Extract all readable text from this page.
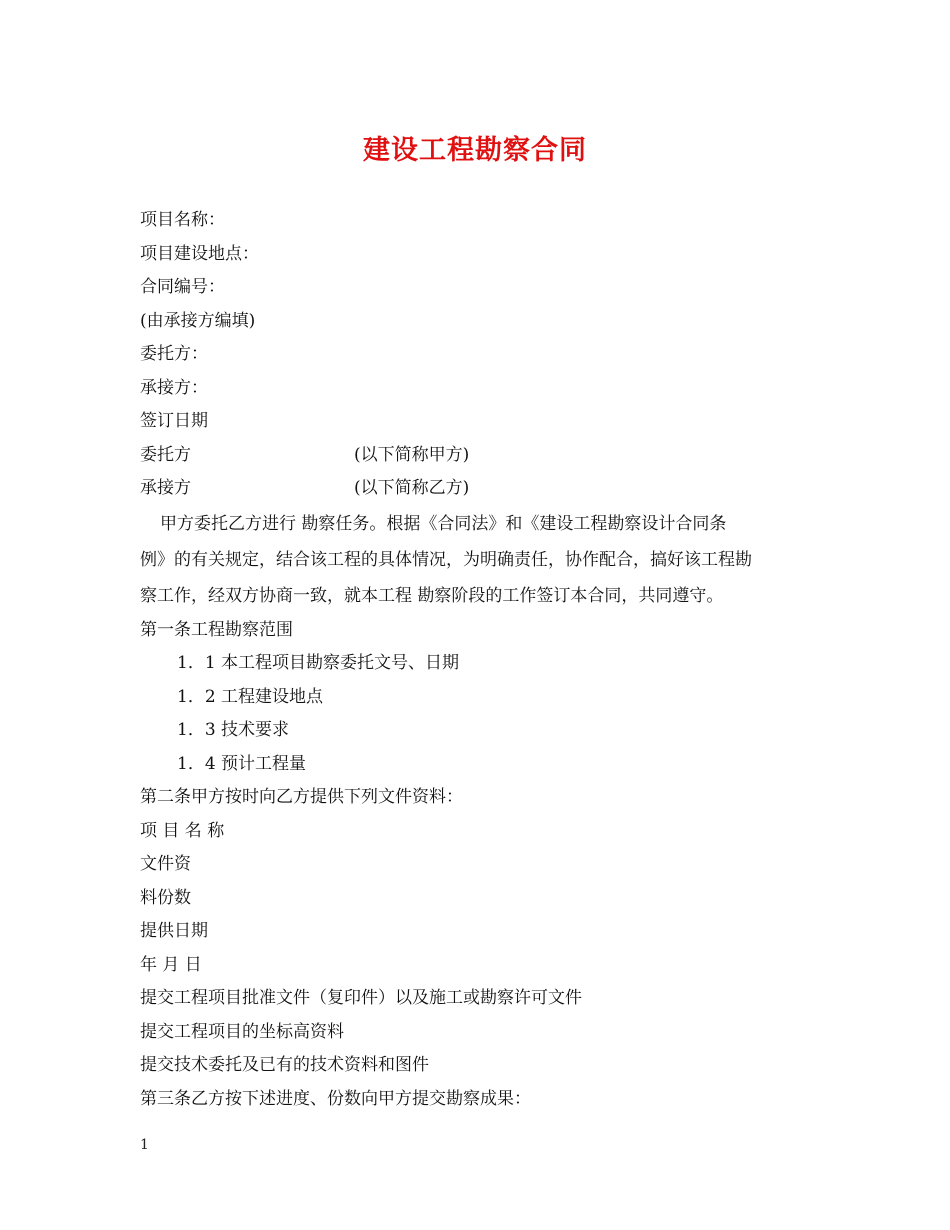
建设工程勘察合同
项目名称：
项目建设地点：
合同编号：
(由承接方编填)
委托方：
承接方：
签订日期
委托方	(以下简称甲方)
承接方	(以下简称乙方)
甲方委托乙方进行 勘察任务。根据《合同法》和《建设工程勘察设计合同条
例》的有关规定，结合该工程的具体情况，为明确责任，协作配合，搞好该工程勘
察工作，经双方协商一致，就本工程 勘察阶段的工作签订本合同，共同遵守。
第一条工程勘察范围
1．1 本工程项目勘察委托文号、日期
1．2 工程建设地点
1．3 技术要求
1．4 预计工程量
第二条甲方按时向乙方提供下列文件资料：
项 目 名 称
文件资
料份数
提供日期
年 月 日
提交工程项目批准文件（复印件）以及施工或勘察许可文件
提交工程项目的坐标高资料
提交技术委托及已有的技术资料和图件
第三条乙方按下述进度、份数向甲方提交勘察成果：
1
